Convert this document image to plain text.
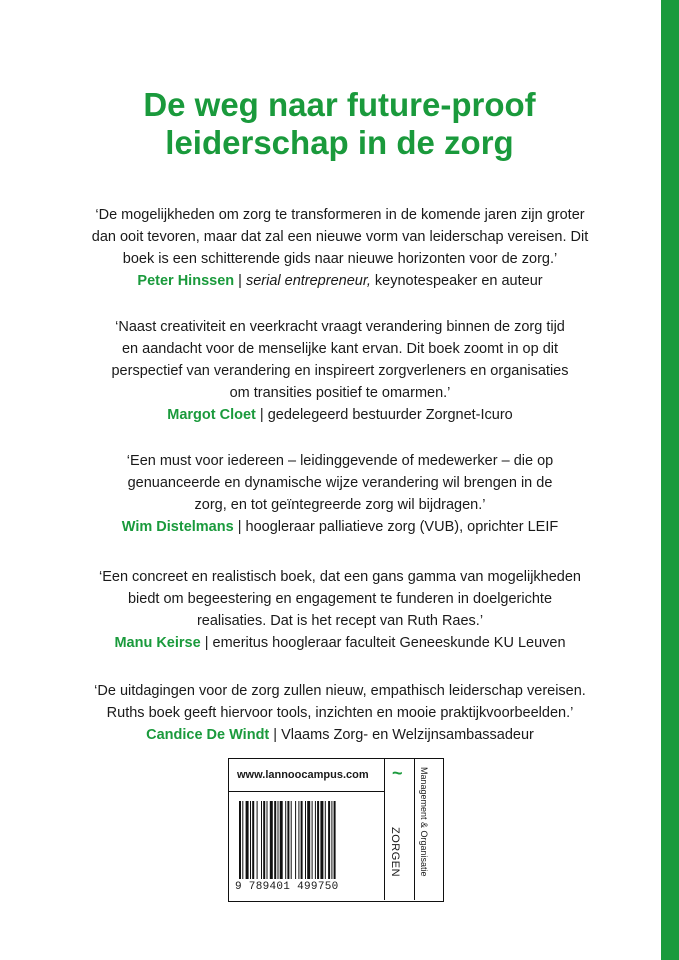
De weg naar future-proof
leiderschap in de zorg
‘De mogelijkheden om zorg te transformeren in de komende jaren zijn groter
dan ooit tevoren, maar dat zal een nieuwe vorm van leiderschap vereisen. Dit
boek is een schitterende gids naar nieuwe horizonten voor de zorg.’
Peter Hinssen | serial entrepreneur, keynotespeaker en auteur
‘Naast creativiteit en veerkracht vraagt verandering binnen de zorg tijd
en aandacht voor de menselijke kant ervan. Dit boek zoomt in op dit
perspectief van verandering en inspireert zorgverleners en organisaties
om transities positief te omarmen.’
Margot Cloet | gedelegeerd bestuurder Zorgnet-Icuro
‘Een must voor iedereen – leidinggevende of medewerker – die op
genuanceerde en dynamische wijze verandering wil brengen in de
zorg, en tot geïntegreerde zorg wil bijdragen.’
Wim Distelmans | hoogleraar palliatieve zorg (VUB), oprichter LEIF
‘Een concreet en realistisch boek, dat een gans gamma van mogelijkheden
biedt om begeestering en engagement te funderen in doelgerichte
realisaties. Dat is het recept van Ruth Raes.’
Manu Keirse | emeritus hoogleraar faculteit Geneeskunde KU Leuven
‘De uitdagingen voor de zorg zullen nieuw, empathisch leiderschap vereisen.
Ruths boek geeft hiervoor tools, inzichten en mooie praktijkvoorbeelden.’
Candice De Windt | Vlaams Zorg- en Welzijnsambassadeur
www.lannoocampus.com ~
ZORGEN Management & Organisatie
9 789401 499750
